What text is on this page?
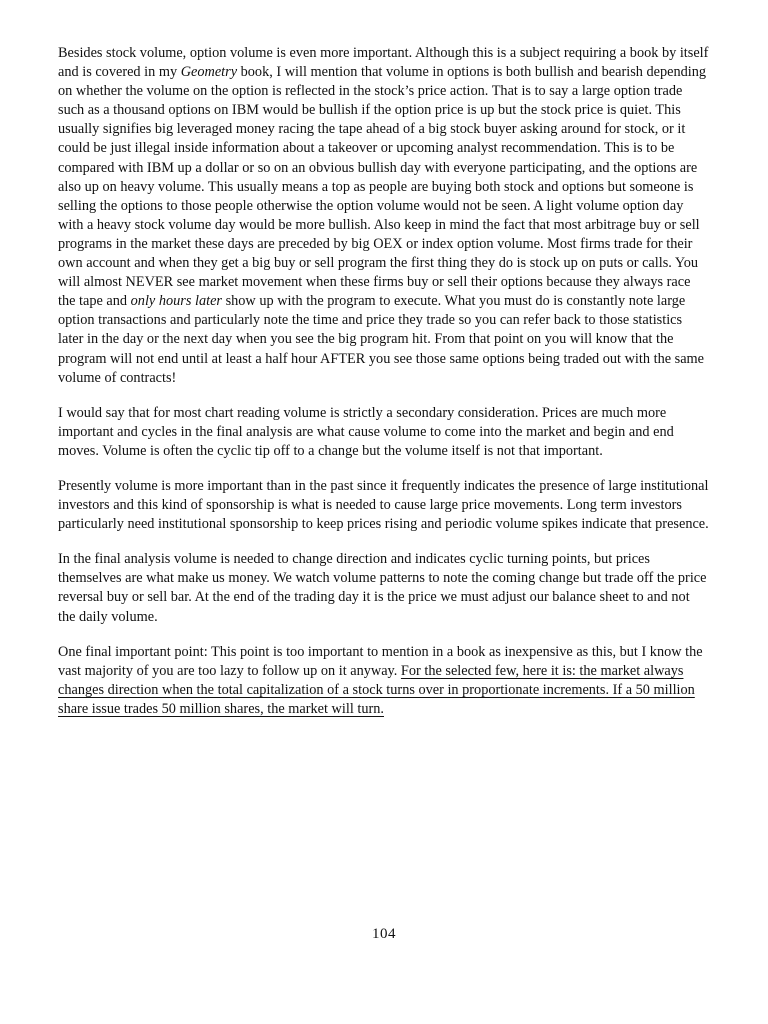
Besides stock volume, option volume is even more important. Although this is a subject requiring a book by itself and is covered in my Geometry book, I will mention that volume in options is both bullish and bearish depending on whether the volume on the option is reflected in the stock’s price action. That is to say a large option trade such as a thousand options on IBM would be bullish if the option price is up but the stock price is quiet. This usually signifies big leveraged money racing the tape ahead of a big stock buyer asking around for stock, or it could be just illegal inside information about a takeover or upcoming analyst recommendation. This is to be compared with IBM up a dollar or so on an obvious bullish day with everyone participating, and the options are also up on heavy volume. This usually means a top as people are buying both stock and options but someone is selling the options to those people otherwise the option volume would not be seen. A light volume option day with a heavy stock volume day would be more bullish. Also keep in mind the fact that most arbitrage buy or sell programs in the market these days are preceded by big OEX or index option volume. Most firms trade for their own account and when they get a big buy or sell program the first thing they do is stock up on puts or calls. You will almost NEVER see market movement when these firms buy or sell their options because they always race the tape and only hours later show up with the program to execute. What you must do is constantly note large option transactions and particularly note the time and price they trade so you can refer back to those statistics later in the day or the next day when you see the big program hit. From that point on you will know that the program will not end until at least a half hour AFTER you see those same options being traded out with the same volume of contracts!

I would say that for most chart reading volume is strictly a secondary consideration. Prices are much more important and cycles in the final analysis are what cause volume to come into the market and begin and end moves. Volume is often the cyclic tip off to a change but the volume itself is not that important.

Presently volume is more important than in the past since it frequently indicates the presence of large institutional investors and this kind of sponsorship is what is needed to cause large price movements. Long term investors particularly need institutional sponsorship to keep prices rising and periodic volume spikes indicate that presence.

In the final analysis volume is needed to change direction and indicates cyclic turning points, but prices themselves are what make us money. We watch volume patterns to note the coming change but trade off the price reversal buy or sell bar. At the end of the trading day it is the price we must adjust our balance sheet to and not the daily volume.

One final important point: This point is too important to mention in a book as inexpensive as this, but I know the vast majority of you are too lazy to follow up on it anyway. For the selected few, here it is: the market always changes direction when the total capitalization of a stock turns over in proportionate increments. If a 50 million share issue trades 50 million shares, the market will turn.

104
